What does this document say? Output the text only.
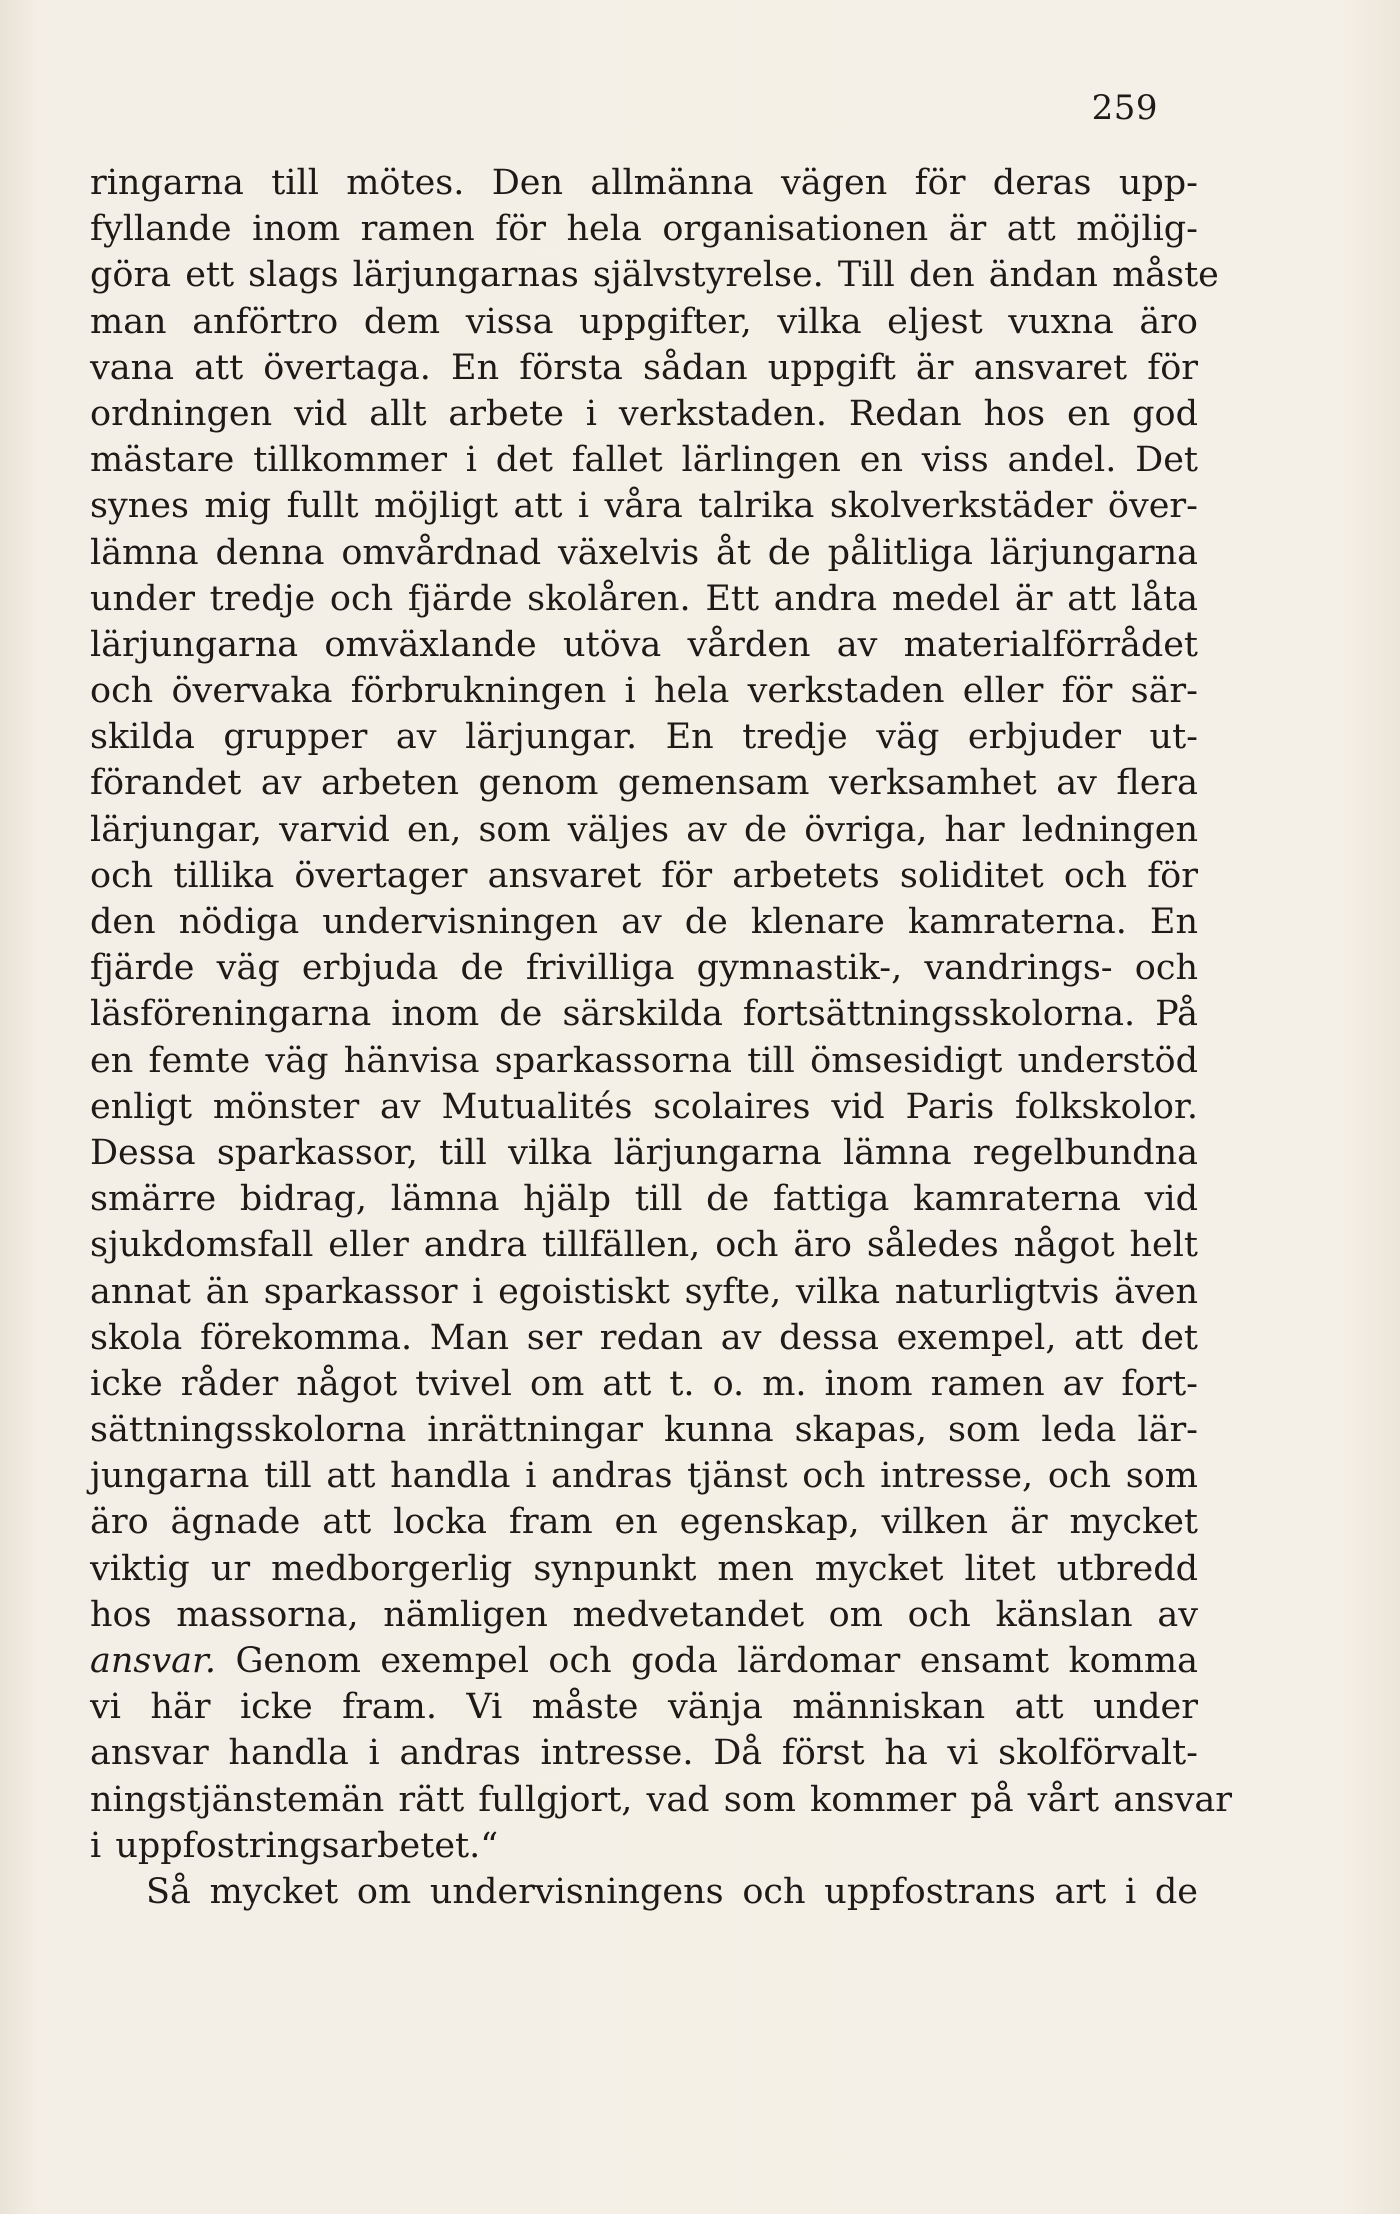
259
ringarna till mötes. Den allmänna vägen för deras upp-
fyllande inom ramen för hela organisationen är att möjlig-
göra ett slags lärjungarnas självstyrelse. Till den ändan måste
man anförtro dem vissa uppgifter, vilka eljest vuxna äro
vana att övertaga. En första sådan uppgift är ansvaret för
ordningen vid allt arbete i verkstaden. Redan hos en god
mästare tillkommer i det fallet lärlingen en viss andel. Det
synes mig fullt möjligt att i våra talrika skolverkstäder över-
lämna denna omvårdnad växelvis åt de pålitliga lärjungarna
under tredje och fjärde skolåren. Ett andra medel är att låta
lärjungarna omväxlande utöva vården av materialförrådet
och övervaka förbrukningen i hela verkstaden eller för sär-
skilda grupper av lärjungar. En tredje väg erbjuder ut-
förandet av arbeten genom gemensam verksamhet av flera
lärjungar, varvid en, som väljes av de övriga, har ledningen
och tillika övertager ansvaret för arbetets soliditet och för
den nödiga undervisningen av de klenare kamraterna. En
fjärde väg erbjuda de frivilliga gymnastik-, vandrings- och
läsföreningarna inom de särskilda fortsättningsskolorna. På
en femte väg hänvisa sparkassorna till ömsesidigt understöd
enligt mönster av Mutualités scolaires vid Paris folkskolor.
Dessa sparkassor, till vilka lärjungarna lämna regelbundna
smärre bidrag, lämna hjälp till de fattiga kamraterna vid
sjukdomsfall eller andra tillfällen, och äro således något helt
annat än sparkassor i egoistiskt syfte, vilka naturligtvis även
skola förekomma. Man ser redan av dessa exempel, att det
icke råder något tvivel om att t. o. m. inom ramen av fort-
sättningsskolorna inrättningar kunna skapas, som leda lär-
jungarna till att handla i andras tjänst och intresse, och som
äro ägnade att locka fram en egenskap, vilken är mycket
viktig ur medborgerlig synpunkt men mycket litet utbredd
hos massorna, nämligen medvetandet om och känslan av
ansvar. Genom exempel och goda lärdomar ensamt komma
vi här icke fram. Vi måste vänja människan att under
ansvar handla i andras intresse. Då först ha vi skolförvalt-
ningstjänstemän rätt fullgjort, vad som kommer på vårt ansvar
i uppfostringsarbetet.“
Så mycket om undervisningens och uppfostrans art i de
